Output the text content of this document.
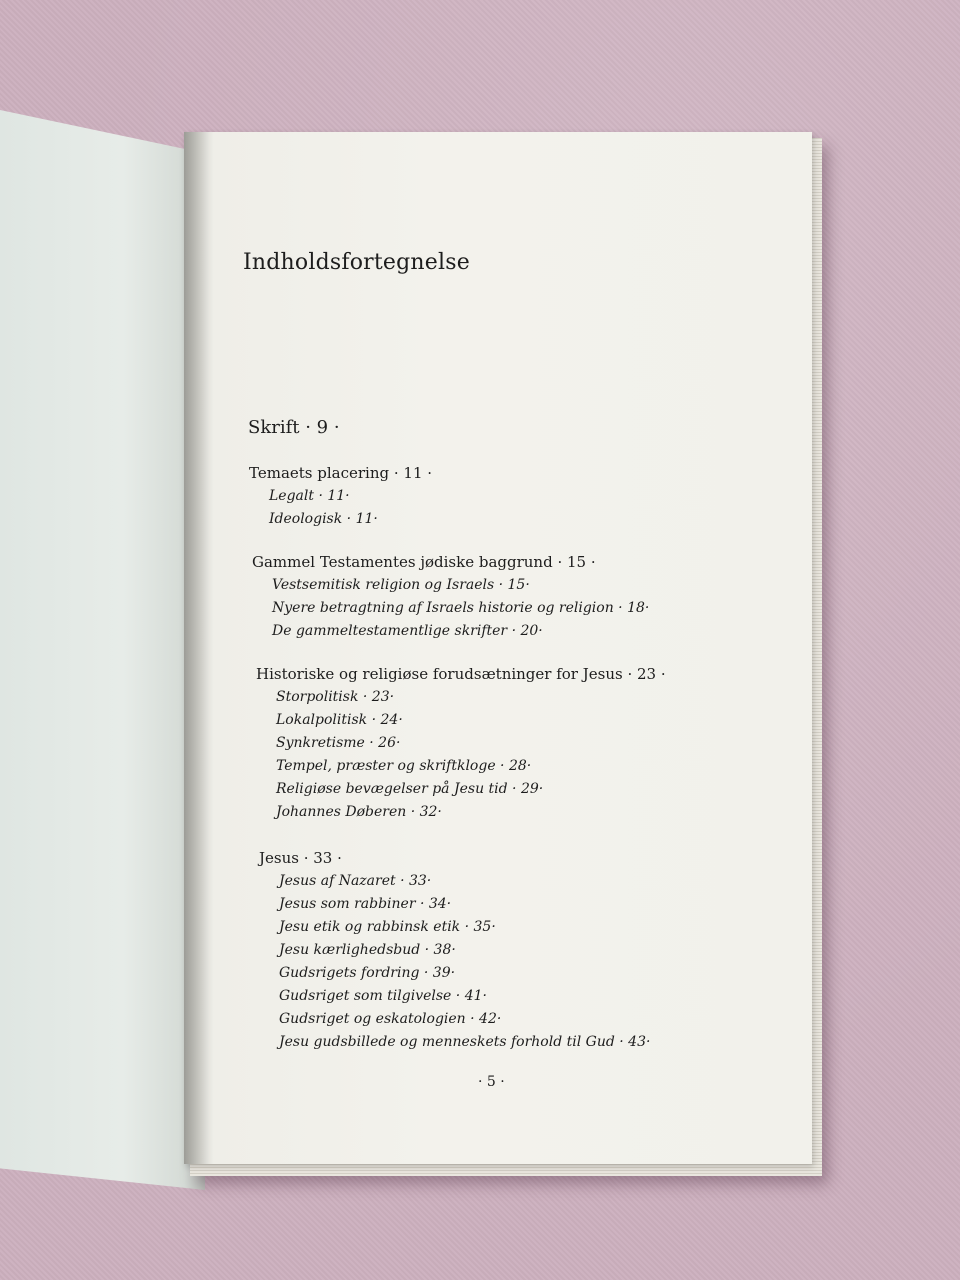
Indholdsfortegnelse
Skrift · 9 ·
Temaets placering · 11 ·
Legalt · 11·
Ideologisk · 11·
Gammel Testamentes jødiske baggrund · 15 ·
Vestsemitisk religion og Israels · 15·
Nyere betragtning af Israels historie og religion · 18·
De gammeltestamentlige skrifter · 20·
Historiske og religiøse forudsætninger for Jesus · 23 ·
Storpolitisk · 23·
Lokalpolitisk · 24·
Synkretisme · 26·
Tempel, præster og skriftkloge · 28·
Religiøse bevægelser på Jesu tid · 29·
Johannes Døberen · 32·
Jesus · 33 ·
Jesus af Nazaret · 33·
Jesus som rabbiner · 34·
Jesu etik og rabbinsk etik · 35·
Jesu kærlighedsbud · 38·
Gudsrigets fordring · 39·
Gudsriget som tilgivelse · 41·
Gudsriget og eskatologien · 42·
Jesu gudsbillede og menneskets forhold til Gud · 43·
· 5 ·
